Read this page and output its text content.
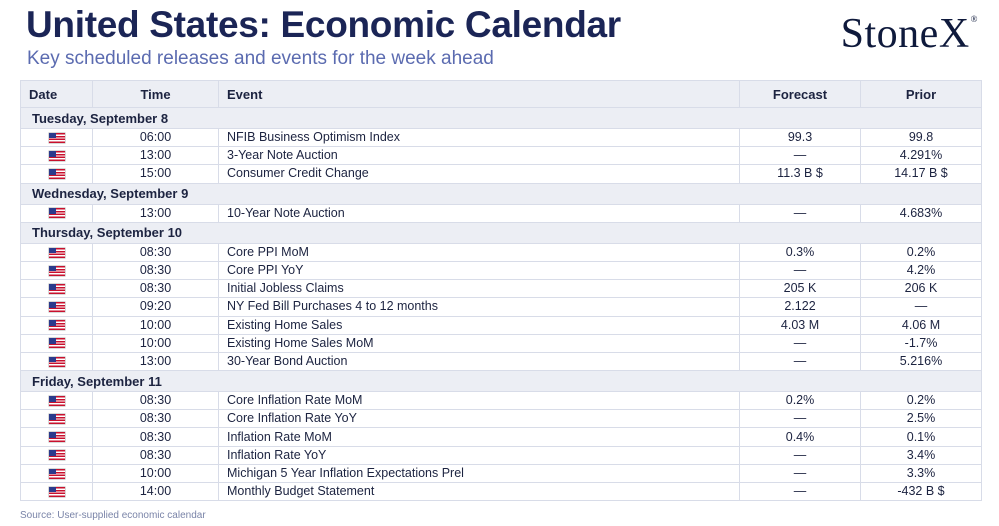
United States: Economic Calendar
Key scheduled releases and events for the week ahead
StoneX®
Date	Time	Event	Forecast	Prior
Tuesday, September 8				
	06:00	NFIB Business Optimism Index	99.3	99.8
	13:00	3-Year Note Auction	—	4.291%
	15:00	Consumer Credit Change	11.3 B $	14.17 B $
Wednesday, September 9				
	13:00	10-Year Note Auction	—	4.683%
Thursday, September 10				
	08:30	Core PPI MoM	0.3%	0.2%
	08:30	Core PPI YoY	—	4.2%
	08:30	Initial Jobless Claims	205 K	206 K
	09:20	NY Fed Bill Purchases 4 to 12 months	2.122	—
	10:00	Existing Home Sales	4.03 M	4.06 M
	10:00	Existing Home Sales MoM	—	-1.7%
	13:00	30-Year Bond Auction	—	5.216%
Friday, September 11				
	08:30	Core Inflation Rate MoM	0.2%	0.2%
	08:30	Core Inflation Rate YoY	—	2.5%
	08:30	Inflation Rate MoM	0.4%	0.1%
	08:30	Inflation Rate YoY	—	3.4%
	10:00	Michigan 5 Year Inflation Expectations Prel	—	3.3%
	14:00	Monthly Budget Statement	—	-432 B $
Source: User-supplied economic calendar
